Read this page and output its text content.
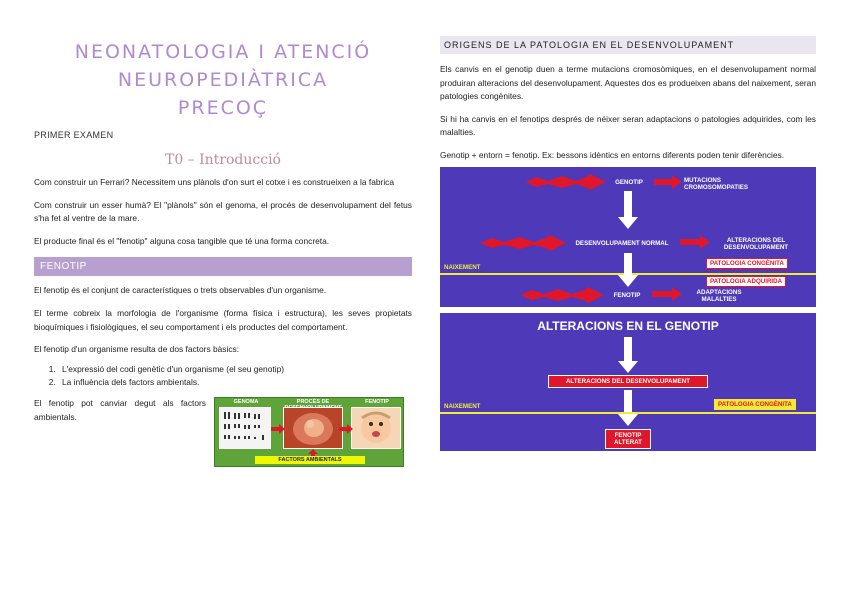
NEONATOLOGIA I ATENCIÓ
NEUROPEDIÀTRICA
PRECOÇ
PRIMER EXAMEN
T0 – Introducció

Com construir un Ferrari? Necessitem uns plànols d'on surt el cotxe i es construeixen a la fabrica

Com construir un esser humà? El "plànols" són el genoma, el procés de desenvolupament del fetus s'ha fet al ventre de la mare.

El producte final és el "fenotip" alguna cosa tangible que té una forma concreta.

FENOTIP

El fenotip és el conjunt de característiques o trets observables d'un organisme.

El terme cobreix la morfologia de l'organisme (forma física i estructura), les seves propietats bioquímiques i fisiològiques, el seu comportament i els productes del comportament.

El fenotip d'un organisme resulta de dos factors bàsics:

1. L'expressió del codi genètic d'un organisme (el seu genotip)
2. La influència dels factors ambientals.

El fenotip pot canviar degut als factors ambientals.

GENOMA	PROCÉS DE	FENOTIP
FACTORS AMBIENTALS
ORIGENS DE LA PATOLOGIA EN EL DESENVOLUPAMENT

Els canvis en el genotip duen a terme mutacions cromosòmiques, en el desenvolupament normal produiran alteracions del desenvolupament. Aquestes dos es produeixen abans del naixement, seran patologies congènites.

Si hi ha canvis en el fenotips després de néixer seran adaptacions o patologies adquirides, com les malalties.

Genotip + entorn = fenotip. Ex: bessons idèntics en entorns diferents poden tenir diferències.

GENOTIP	MUTACIONS CROMOSOMOPATIES
DESENVOLUPAMENT NORMAL	ALTERACIONS DEL DESENVOLUPAMENT
NAIXEMENT
PATOLOGIA CONGÈNITA
PATOLOGIA ADQUIRIDA
FENOTIP	ADAPTACIONS MALALTIES
ALTERACIONS EN EL GENOTIP
ALTERACIONS DEL DESENVOLUPAMENT
NAIXEMENT	PATOLOGIA CONGÈNITA
FENOTIP ALTERAT
